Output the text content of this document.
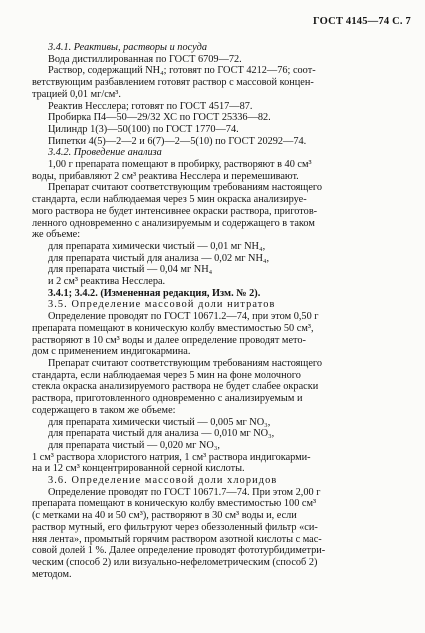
ГОСТ 4145—74 С. 7

3.4.1. Реактивы, растворы и посуда

Вода дистиллированная по ГОСТ 6709—72.

Раствор, содержащий NH₄; готовят по ГОСТ 4212—76; соот-

ветствующим разбавлением готовят раствор с массовой концен-

трацией 0,01 мг/см³.

Реактив Несслера; готовят по ГОСТ 4517—87.

Пробирка П4—50—29/32 ХС по ГОСТ 25336—82.

Цилиндр 1(3)—50(100) по ГОСТ 1770—74.

Пипетки 4(5)—2—2 и 6(7)—2—5(10) по ГОСТ 20292—74.

3.4.2. Проведение анализа

1,00 г препарата помещают в пробирку, растворяют в 40 см³

воды, прибавляют 2 см³ реактива Несслера и перемешивают.

Препарат считают соответствующим требованиям настоящего

стандарта, если наблюдаемая через 5 мин окраска анализируе-

мого раствора не будет интенсивнее окраски раствора, приготов-

ленного одновременно с анализируемым и содержащего в таком

же объеме:

для препарата химически чистый — 0,01 мг NH₄,

для препарата чистый для анализа — 0,02 мг NH₄,

для препарата чистый — 0,04 мг NH₄

и 2 см³ реактива Несслера.

3.4.1; 3.4.2. (Измененная редакция, Изм. № 2).

3.5. Определение массовой доли нитратов

Определение проводят по ГОСТ 10671.2—74, при этом 0,50 г

препарата помещают в коническую колбу вместимостью 50 см³,

растворяют в 10 см³ воды и далее определение проводят мето-

дом с применением индигокармина.

Препарат считают соответствующим требованиям настоящего

стандарта, если наблюдаемая через 5 мин на фоне молочного

стекла окраска анализируемого раствора не будет слабее окраски

раствора, приготовленного одновременно с анализируемым и

содержащего в таком же объеме:

для препарата химически чистый — 0,005 мг NO₃,

для препарата чистый для анализа — 0,010 мг NO₃,

для препарата чистый — 0,020 мг NO₃,

1 см³ раствора хлористого натрия, 1 см³ раствора индигокарми-

на и 12 см³ концентрированной серной кислоты.

3.6. Определение массовой доли хлоридов

Определение проводят по ГОСТ 10671.7—74. При этом 2,00 г

препарата помещают в коническую колбу вместимостью 100 см³

(с метками на 40 и 50 см³), растворяют в 30 см³ воды и, если

раствор мутный, его фильтруют через обеззоленный фильтр «си-

няя лента», промытый горячим раствором азотной кислоты с мас-

совой долей 1 %. Далее определение проводят фототурбидиметри-

ческим (способ 2) или визуально-нефелометрическим (способ 2)

методом.
